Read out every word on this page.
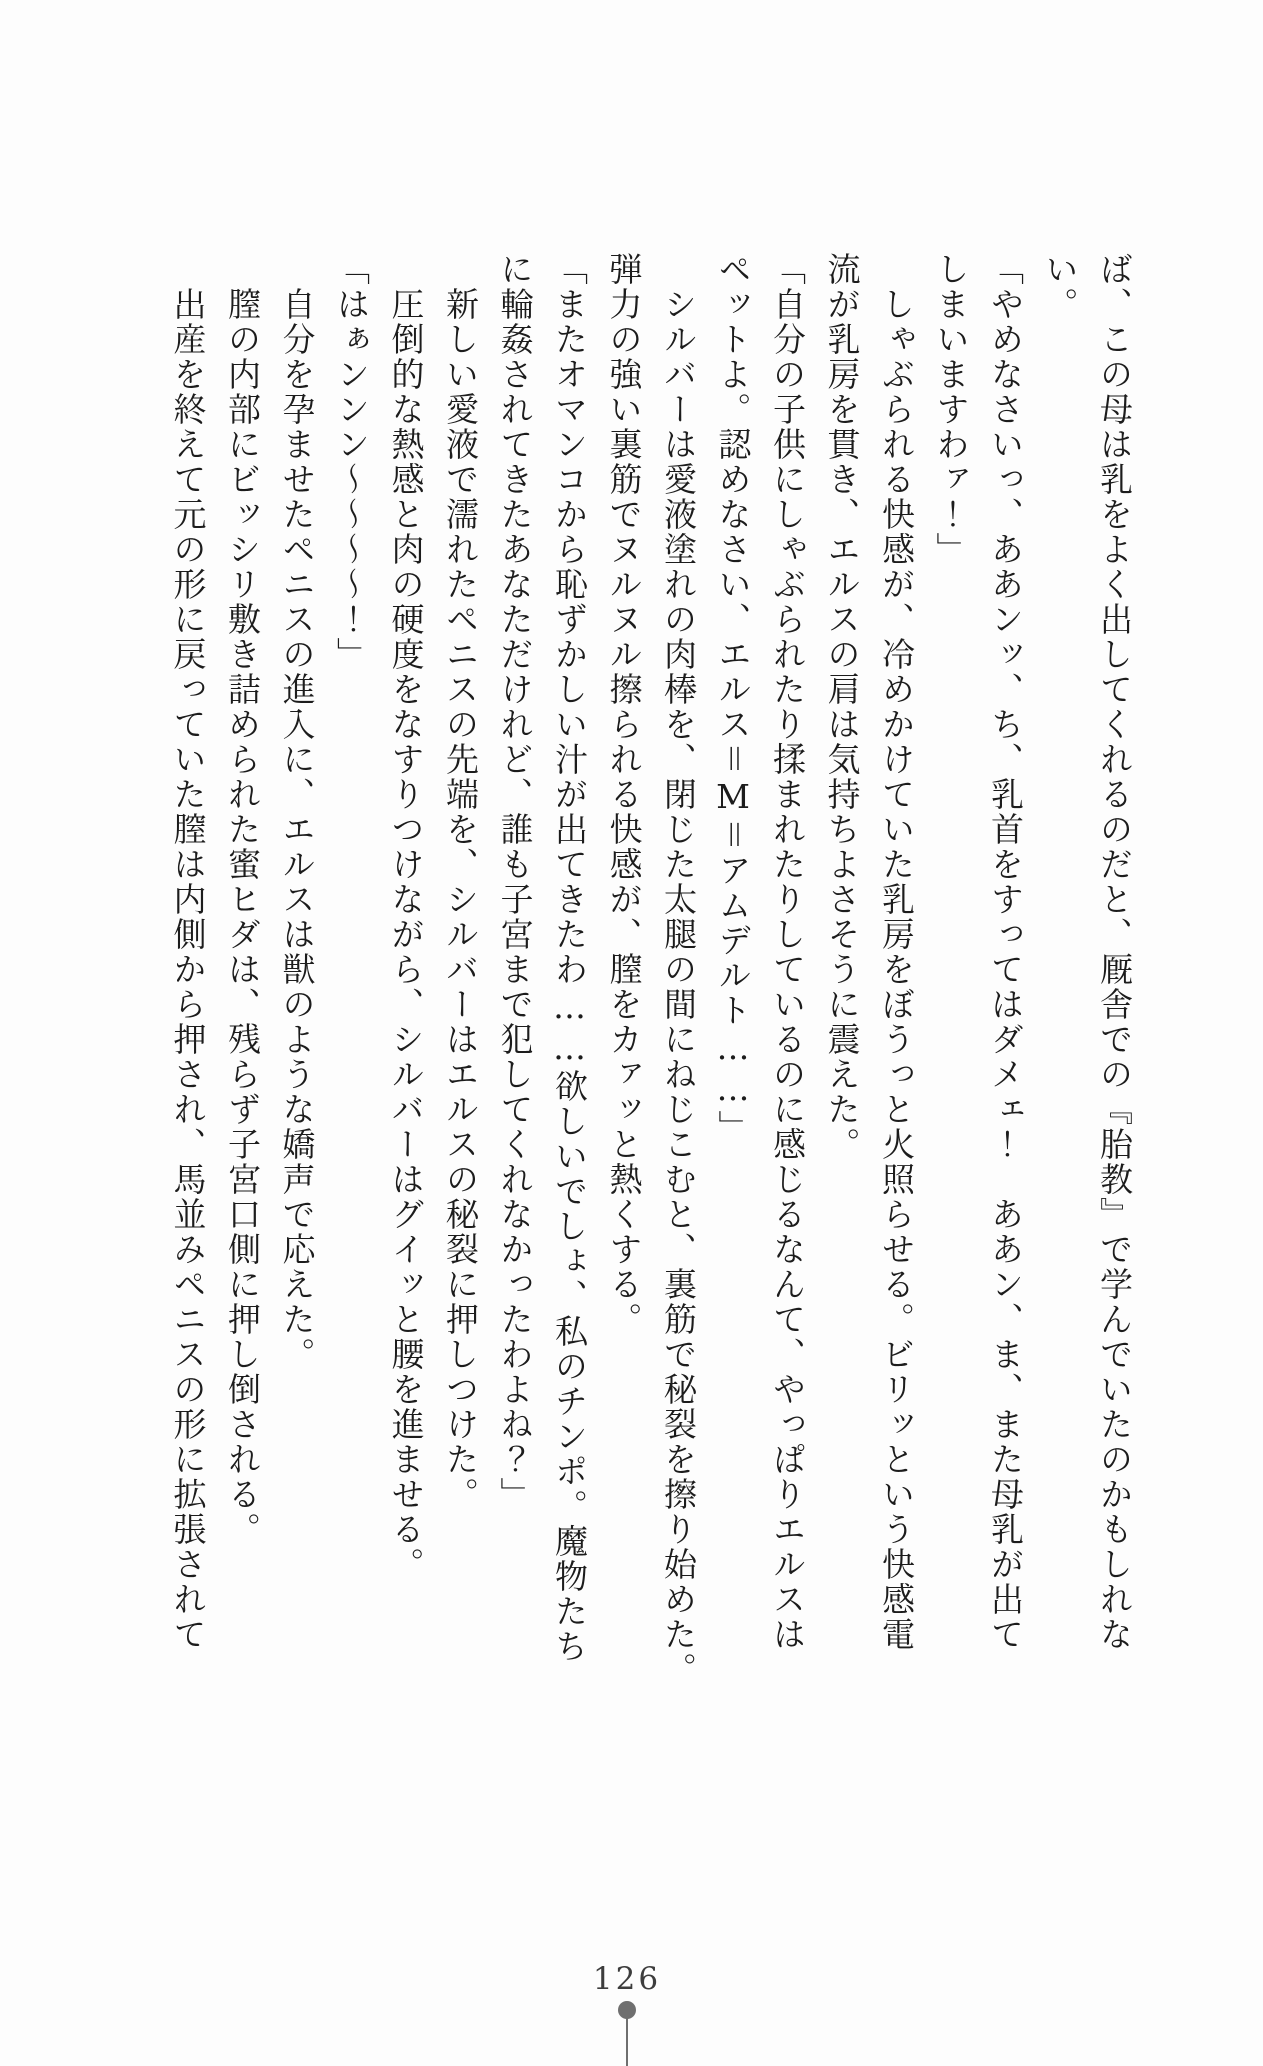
ば、この母は乳をよく出してくれるのだと、厩舎での『胎教』で学んでいたのかもしれな
い。
「やめなさいっ、ああンッ、ち、乳首をすってはダメェ！　ああン、ま、また母乳が出て
しまいますわァ！」
しゃぶられる快感が、冷めかけていた乳房をぼうっと火照らせる。ビリッという快感電
流が乳房を貫き、エルスの肩は気持ちよさそうに震えた。
「自分の子供にしゃぶられたり揉まれたりしているのに感じるなんて、やっぱりエルスは
ペットよ。認めなさい、エルス＝M＝アムデルト……」
シルバーは愛液塗れの肉棒を、閉じた太腿の間にねじこむと、裏筋で秘裂を擦り始めた。
弾力の強い裏筋でヌルヌル擦られる快感が、膣をカァッと熱くする。
「またオマンコから恥ずかしい汁が出てきたわ……欲しいでしょ、私のチンポ。魔物たち
に輪姦されてきたあなただけれど、誰も子宮まで犯してくれなかったわよね？」
新しい愛液で濡れたペニスの先端を、シルバーはエルスの秘裂に押しつけた。
圧倒的な熱感と肉の硬度をなすりつけながら、シルバーはグイッと腰を進ませる。
「はぁンンン〜〜〜〜！」
自分を孕ませたペニスの進入に、エルスは獣のような嬌声で応えた。
膣の内部にビッシリ敷き詰められた蜜ヒダは、残らず子宮口側に押し倒される。
出産を終えて元の形に戻っていた膣は内側から押され、馬並みペニスの形に拡張されて
126
